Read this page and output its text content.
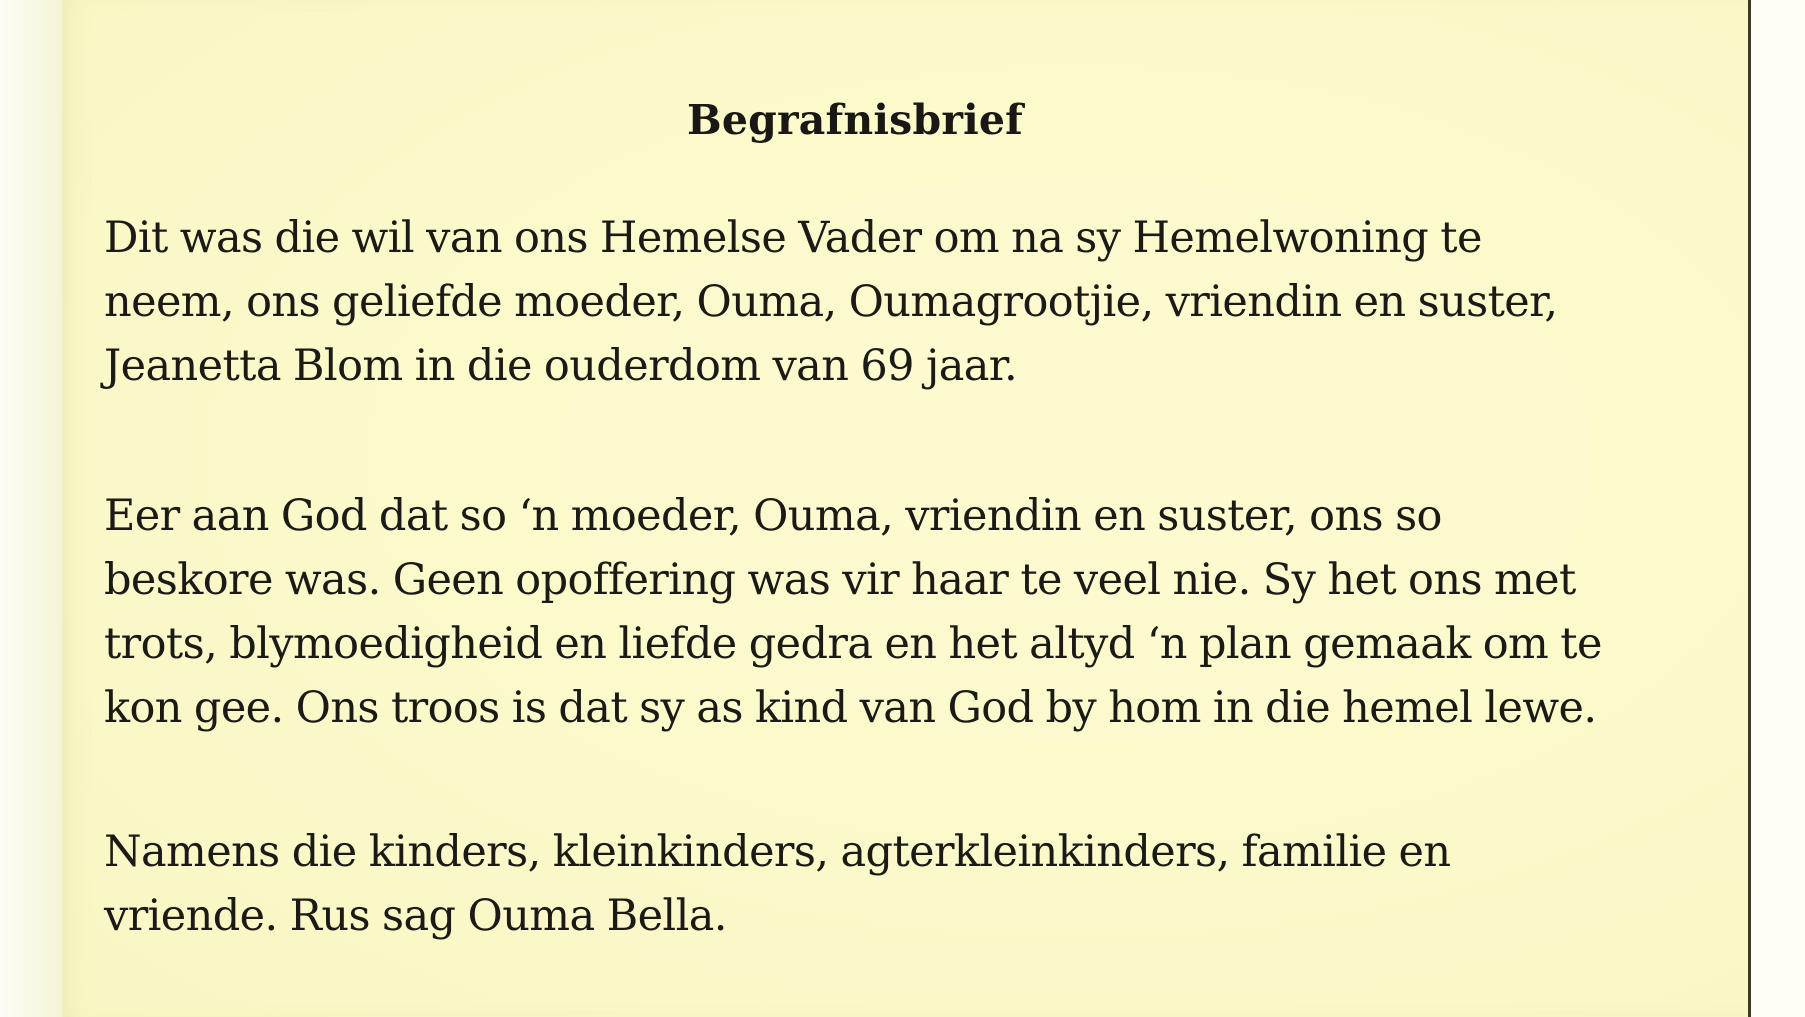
Begrafnisbrief
Dit was die wil van ons Hemelse Vader om na sy Hemelwoning te
neem, ons geliefde moeder, Ouma, Oumagrootjie, vriendin en suster,
Jeanetta Blom in die ouderdom van 69 jaar.
Eer aan God dat so ‘n moeder, Ouma, vriendin en suster, ons so
beskore was. Geen opoffering was vir haar te veel nie. Sy het ons met
trots, blymoedigheid en liefde gedra en het altyd ‘n plan gemaak om te
kon gee. Ons troos is dat sy as kind van God by hom in die hemel lewe.
Namens die kinders, kleinkinders, agterkleinkinders, familie en
vriende. Rus sag Ouma Bella.
